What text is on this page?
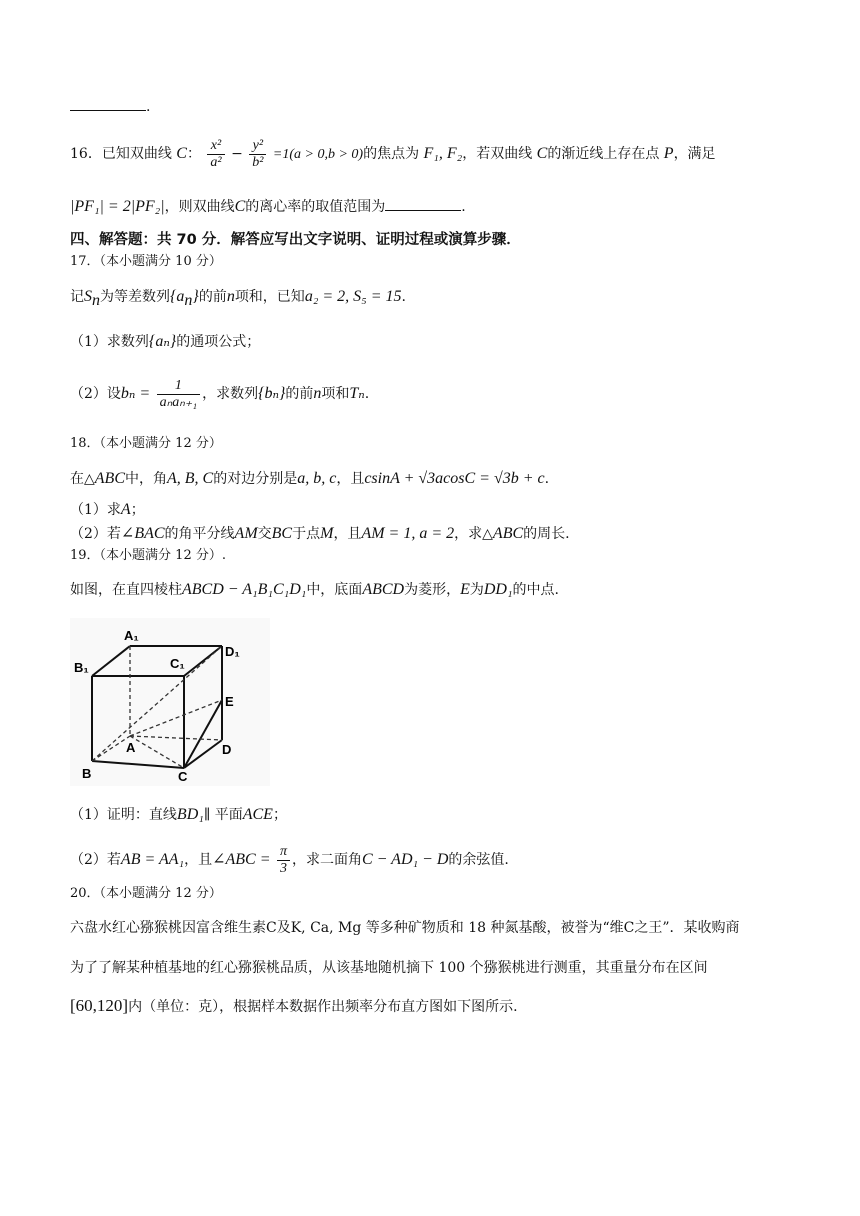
.
16．已知双曲线 C： $\frac{\text{x²}}{\text{a²}} - \frac{\text{y²}}{\text{b²}} =1(a > 0,b > 0)$的焦点为 F₁, F₂，若双曲线 C的渐近线上存在点 P，满足
|PF₁| = 2|PF₂|，则双曲线C的离心率的取值范围为	.
四、解答题：共 70 分．解答应写出文字说明、证明过程或演算步骤．
17．（本小题满分 10 分）
记$S_n$为等差数列$\{a_n\}$的前n项和，已知a₂ = 2, S₅ = 15.
（1）求数列{aₙ}的通项公式；
（2）设$b_n = \frac{1}{\text{aₙaₙ₊₁}}$ ，求数列{bₙ}的前n项和Tₙ.
18．（本小题满分 12 分）
在△ABC中，角A, B, C的对边分别是a, b, c，且csinA + √3acosC = √3b + c.
（1）求A；
（2）若∠BAC的角平分线AM交BC于点M，且AM = 1, a = 2，求△ABC的周长.
19．（本小题满分 12 分）.
如图，在直四棱柱ABCD − A₁B₁C₁D₁中，底面ABCD为菱形，E为DD₁的中点.
A₁
B₁	C₁
D₁
E
A	D
B	C
（1）证明：直线BD₁∥ 平面ACE；
（2）若AB = AA₁，且∠ABC = $\frac{\pi}{3}$ ，求二面角C − AD₁ − D的余弦值.
20．（本小题满分 12 分）
六盘水红心猕猴桃因富含维生素C及K, Ca, Mg 等多种矿物质和 18 种氮基酸，被誉为“维C之王”．某收购商
为了了解某种植基地的红心猕猴桃品质，从该基地随机摘下 100 个猕猴桃进行测重，其重量分布在区间
[60,120]内（单位：克），根据样本数据作出频率分布直方图如下图所示.
